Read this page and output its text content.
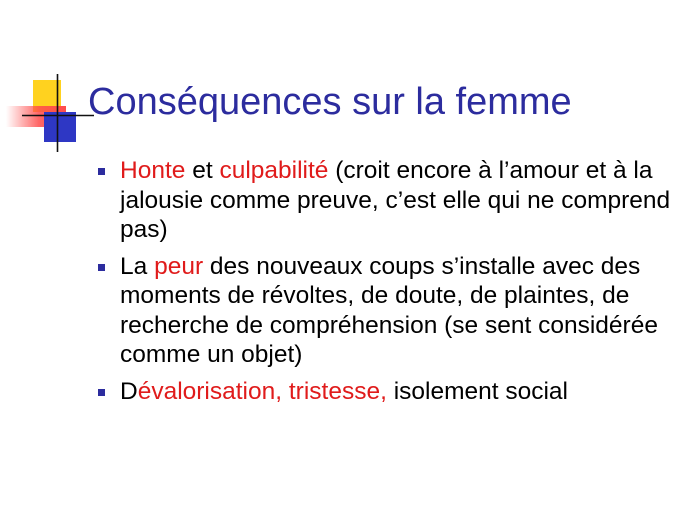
Conséquences sur la femme
Honte et culpabilité (croit encore à l’amour et à la jalousie comme preuve, c’est elle qui ne comprend pas)
La peur des nouveaux coups s’installe avec des moments de révoltes, de doute, de plaintes, de recherche de compréhension (se sent considérée comme un objet)
Dévalorisation, tristesse, isolement social
